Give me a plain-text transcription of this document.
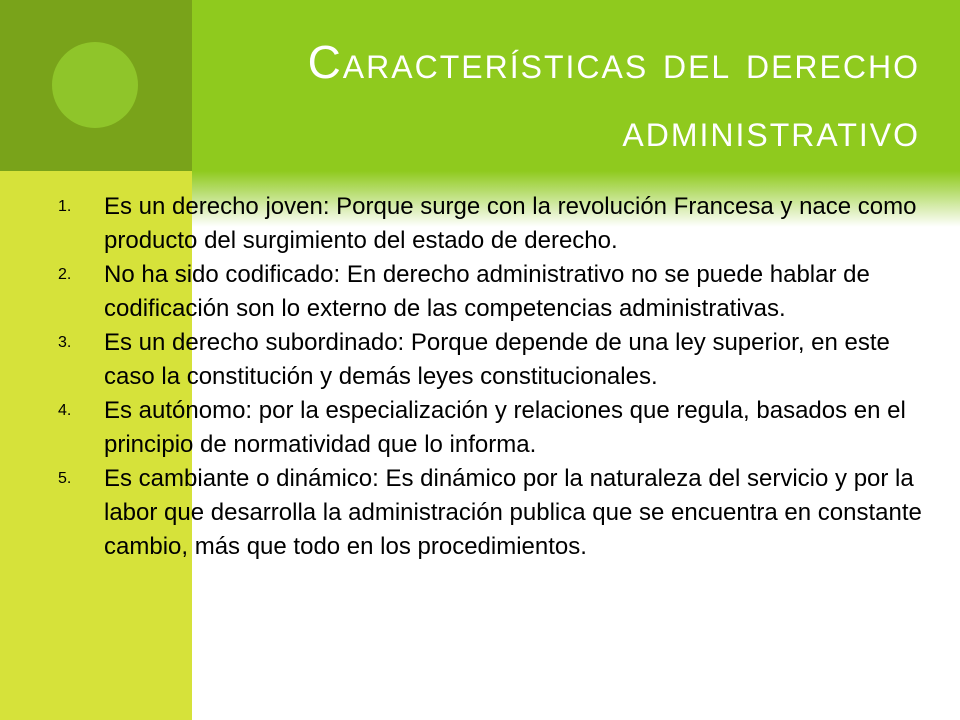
Características del derecho administrativo
1. Es un derecho joven: Porque surge con la revolución Francesa y nace como producto del surgimiento del estado de derecho.
2. No ha sido codificado: En derecho administrativo no se puede hablar de codificación son lo externo de las competencias administrativas.
3. Es un derecho subordinado: Porque depende de una ley superior, en este caso la constitución y demás leyes constitucionales.
4. Es autónomo: por la especialización y relaciones que regula, basados en el principio de normatividad que lo informa.
5. Es cambiante o dinámico: Es dinámico por la naturaleza del servicio y por la labor que desarrolla la administración publica que se encuentra en constante cambio, más que todo en los procedimientos.
